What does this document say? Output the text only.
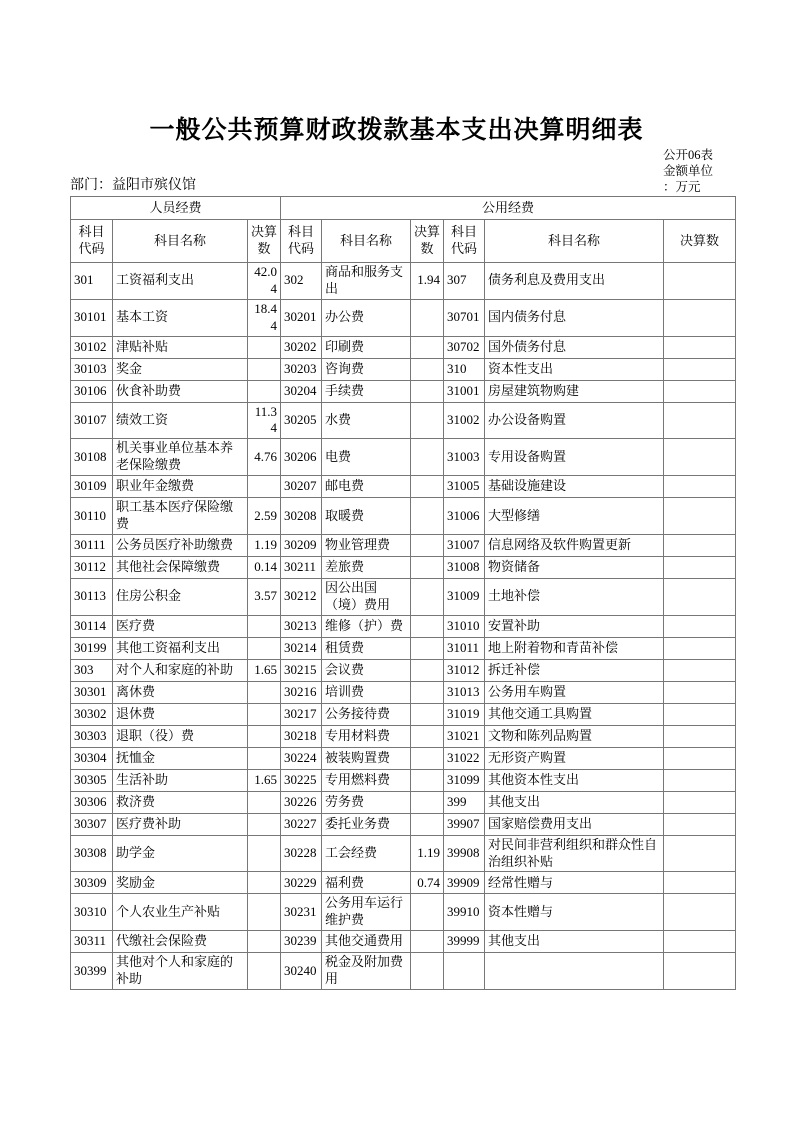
一般公共预算财政拨款基本支出决算明细表
公开06表
金额单位
：万元
部门：益阳市殡仪馆
人员经费			公用经费					
科目代码	科目名称	决算数	科目代码	科目名称	决算数	科目代码	科目名称	决算数
301	工资福利支出	42.04	302	商品和服务支出	1.94	307	债务利息及费用支出	
30101	基本工资	18.44	30201	办公费		30701	国内债务付息	
30102	津贴补贴		30202	印刷费		30702	国外债务付息	
30103	奖金		30203	咨询费		310	资本性支出	
30106	伙食补助费		30204	手续费		31001	房屋建筑物购建	
30107	绩效工资	11.34	30205	水费		31002	办公设备购置	
30108	机关事业单位基本养老保险缴费	4.76	30206	电费		31003	专用设备购置	
30109	职业年金缴费		30207	邮电费		31005	基础设施建设	
30110	职工基本医疗保险缴费	2.59	30208	取暖费		31006	大型修缮	
30111	公务员医疗补助缴费	1.19	30209	物业管理费		31007	信息网络及软件购置更新	
30112	其他社会保障缴费	0.14	30211	差旅费		31008	物资储备	
30113	住房公积金	3.57	30212	因公出国（境）费用		31009	土地补偿	
30114	医疗费		30213	维修（护）费		31010	安置补助	
30199	其他工资福利支出		30214	租赁费		31011	地上附着物和青苗补偿	
303	对个人和家庭的补助	1.65	30215	会议费		31012	拆迁补偿	
30301	离休费		30216	培训费		31013	公务用车购置	
30302	退休费		30217	公务接待费		31019	其他交通工具购置	
30303	退职（役）费		30218	专用材料费		31021	文物和陈列品购置	
30304	抚恤金		30224	被装购置费		31022	无形资产购置	
30305	生活补助	1.65	30225	专用燃料费		31099	其他资本性支出	
30306	救济费		30226	劳务费		399	其他支出	
30307	医疗费补助		30227	委托业务费		39907	国家赔偿费用支出	
30308	助学金		30228	工会经费	1.19	39908	对民间非营利组织和群众性自治组织补贴	
30309	奖励金		30229	福利费	0.74	39909	经常性赠与	
30310	个人农业生产补贴		30231	公务用车运行维护费		39910	资本性赠与	
30311	代缴社会保险费		30239	其他交通费用		39999	其他支出	
30399	其他对个人和家庭的补助		30240	税金及附加费用				
